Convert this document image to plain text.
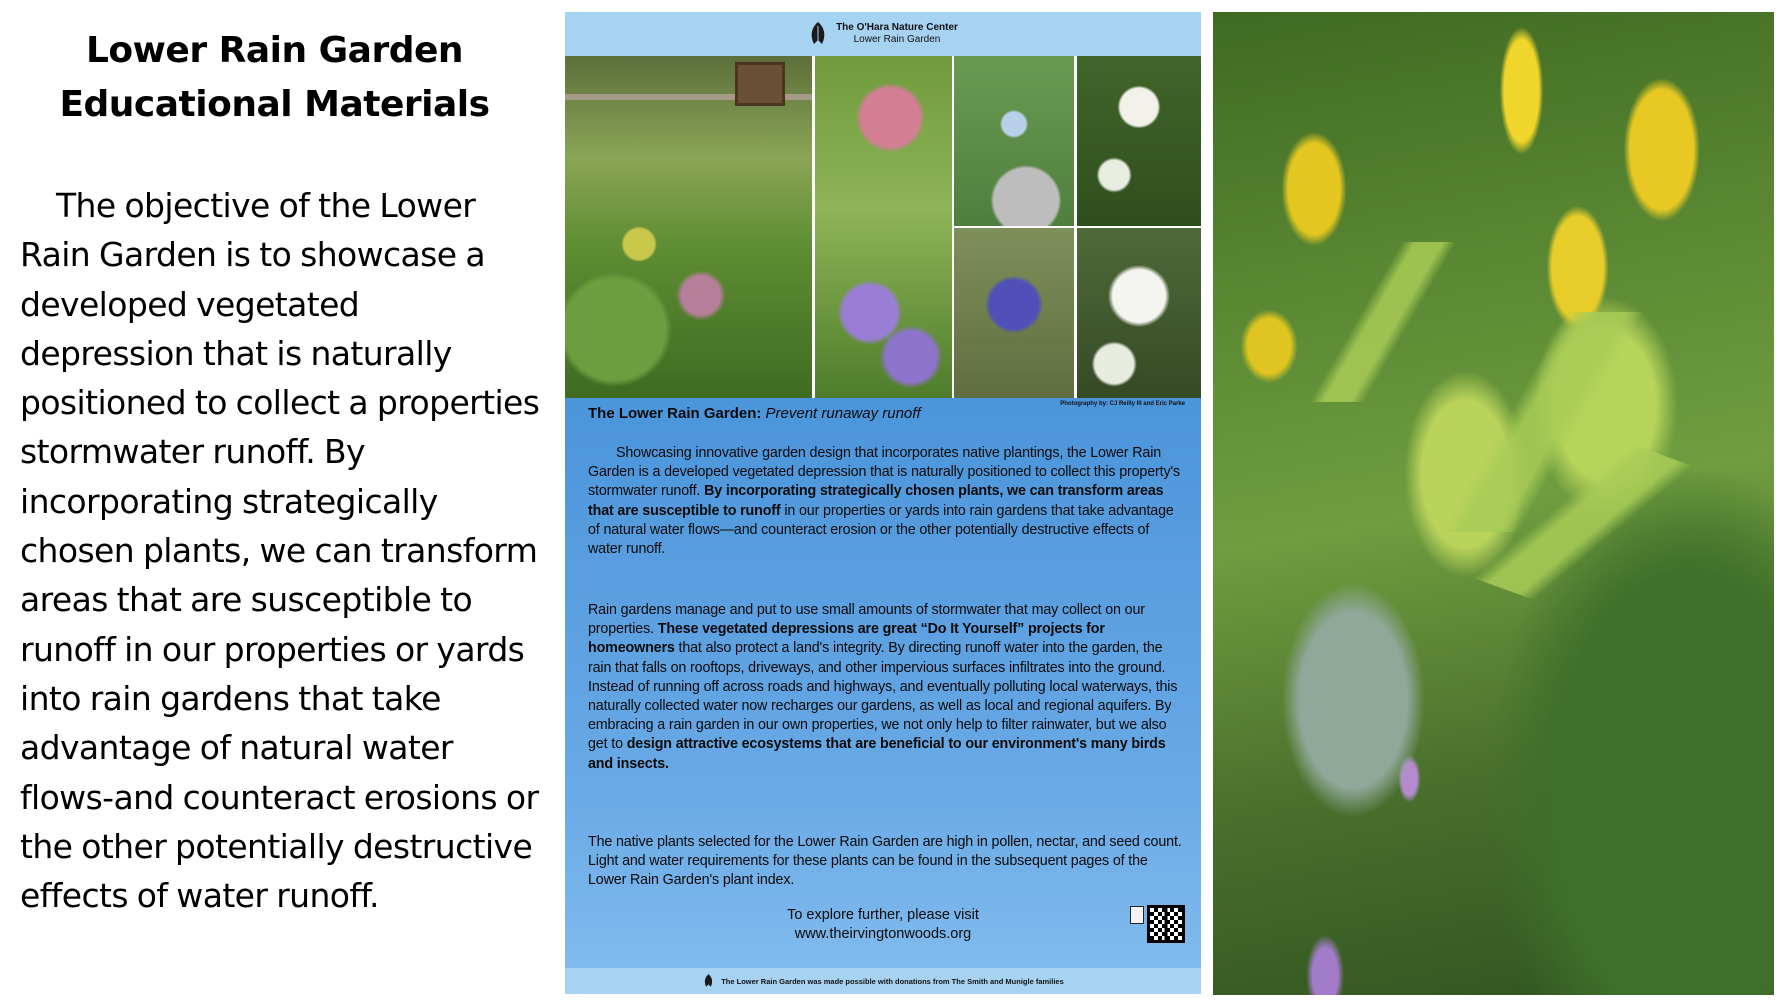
Lower Rain Garden
Educational Materials

The objective of the Lower Rain Garden is to showcase a developed vegetated depression that is naturally positioned to collect a properties stormwater runoff. By incorporating strategically chosen plants, we can transform areas that are susceptible to runoff in our properties or yards into rain gardens that take advantage of natural water flows-and counteract erosions or the other potentially destructive effects of water runoff.

The O'Hara Nature Center
Lower Rain Garden
Photography by: CJ Reilly III and Eric Parke
The Lower Rain Garden: Prevent runaway runoff

Showcasing innovative garden design that incorporates native plantings, the Lower Rain Garden is a developed vegetated depression that is naturally positioned to collect this property's stormwater runoff. By incorporating strategically chosen plants, we can transform areas that are susceptible to runoff in our properties or yards into rain gardens that take advantage of natural water flows—and counteract erosion or the other potentially destructive effects of water runoff.

Rain gardens manage and put to use small amounts of stormwater that may collect on our properties. These vegetated depressions are great “Do It Yourself” projects for homeowners that also protect a land's integrity. By directing runoff water into the garden, the rain that falls on rooftops, driveways, and other impervious surfaces infiltrates into the ground. Instead of running off across roads and highways, and eventually polluting local waterways, this naturally collected water now recharges our gardens, as well as local and regional aquifers. By embracing a rain garden in our own properties, we not only help to filter rainwater, but we also get to design attractive ecosystems that are beneficial to our environment's many birds and insects.

The native plants selected for the Lower Rain Garden are high in pollen, nectar, and seed count. Light and water requirements for these plants can be found in the subsequent pages of the Lower Rain Garden's plant index.

To explore further, please visit
www.theirvingtonwoods.org
The Lower Rain Garden was made possible with donations from The Smith and Munigle families
